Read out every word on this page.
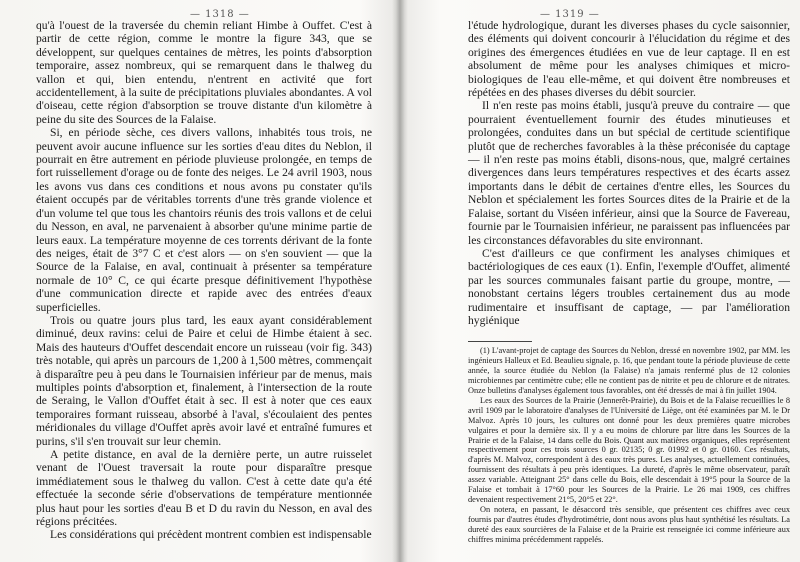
— 1318 —

qu'à l'ouest de la traversée du chemin reliant Himbe à Ouffet. C'est à partir de cette région, comme le montre la figure 343, que se développent, sur quelques centaines de mètres, les points d'absorption temporaire, assez nombreux, qui se remarquent dans le thalweg du vallon et qui, bien entendu, n'entrent en activité que fort accidentellement, à la suite de précipitations pluviales abondantes. A vol d'oiseau, cette région d'absorption se trouve distante d'un kilomètre à peine du site des Sources de la Falaise.

Si, en période sèche, ces divers vallons, inhabités tous trois, ne peuvent avoir aucune influence sur les sorties d'eau dites du Neblon, il pourrait en être autrement en période pluvieuse prolongée, en temps de fort ruissellement d'orage ou de fonte des neiges. Le 24 avril 1903, nous les avons vus dans ces conditions et nous avons pu constater qu'ils étaient occupés par de véritables torrents d'une très grande violence et d'un volume tel que tous les chantoirs réunis des trois vallons et de celui du Nesson, en aval, ne parvenaient à absorber qu'une minime partie de leurs eaux. La température moyenne de ces torrents dérivant de la fonte des neiges, était de 3°7 C et c'est alors — on s'en souvient — que la Source de la Falaise, en aval, continuait à présenter sa température normale de 10° C, ce qui écarte presque définitivement l'hypothèse d'une communication directe et rapide avec des entrées d'eaux superficielles.

Trois ou quatre jours plus tard, les eaux ayant considérablement diminué, deux ravins: celui de Paire et celui de Himbe étaient à sec. Mais des hauteurs d'Ouffet descendait encore un ruisseau (voir fig. 343) très notable, qui après un parcours de 1,200 à 1,500 mètres, commençait à disparaître peu à peu dans le Tournaisien inférieur par de menus, mais multiples points d'absorption et, finalement, à l'intersection de la route de Seraing, le Vallon d'Ouffet était à sec. Il est à noter que ces eaux temporaires formant ruisseau, absorbé à l'aval, s'écoulaient des pentes méridionales du village d'Ouffet après avoir lavé et entraîné fumures et purins, s'il s'en trouvait sur leur chemin.

A petite distance, en aval de la dernière perte, un autre ruisselet venant de l'Ouest traversait la route pour disparaître presque immédiatement sous le thalweg du vallon. C'est à cette date qu'a été effectuée la seconde série d'observations de température mentionnée plus haut pour les sorties d'eau B et D du ravin du Nesson, en aval des régions précitées.

Les considérations qui précèdent montrent combien est indispensable

— 1319 —

l'étude hydrologique, durant les diverses phases du cycle saisonnier, des éléments qui doivent concourir à l'élucidation du régime et des origines des émergences étudiées en vue de leur captage. Il en est absolument de même pour les analyses chimiques et micro-biologiques de l'eau elle-même, et qui doivent être nombreuses et répétées en des phases diverses du débit sourcier.

Il n'en reste pas moins établi, jusqu'à preuve du contraire — que pourraient éventuellement fournir des études minutieuses et prolongées, conduites dans un but spécial de certitude scientifique plutôt que de recherches favorables à la thèse préconisée du captage — il n'en reste pas moins établi, disons-nous, que, malgré certaines divergences dans leurs températures respectives et des écarts assez importants dans le débit de certaines d'entre elles, les Sources du Neblon et spécialement les fortes Sources dites de la Prairie et de la Falaise, sortant du Viséen inférieur, ainsi que la Source de Favereau, fournie par le Tournaisien inférieur, ne paraissent pas influencées par les circonstances défavorables du site environnant.

C'est d'ailleurs ce que confirment les analyses chimiques et bactériologiques de ces eaux (1). Enfin, l'exemple d'Ouffet, alimenté par les sources communales faisant partie du groupe, montre, — nonobstant certains légers troubles certainement dus au mode rudimentaire et insuffisant de captage, — par l'amélioration hygiénique

(1) L'avant-projet de captage des Sources du Neblon, dressé en novembre 1902, par MM. les ingénieurs Halleux et Ed. Beaulieu signale, p. 16, que pendant toute la période pluvieuse de cette année, la source étudiée du Neblon (la Falaise) n'a jamais renfermé plus de 12 colonies microbiennes par centimètre cube; elle ne contient pas de nitrite et peu de chlorure et de nitrates. Onze bulletins d'analyses également tous favorables, ont été dressés de mai à fin juillet 1904.

Les eaux des Sources de la Prairie (Jennerêt-Prairie), du Bois et de la Falaise recueillies le 8 avril 1909 par le laboratoire d'analyses de l'Université de Liège, ont été examinées par M. le Dr Malvoz. Après 10 jours, les cultures ont donné pour les deux premières quatre microbes vulgaires et pour la dernière six. Il y a eu moins de chlorure par litre dans les Sources de la Prairie et de la Falaise, 14 dans celle du Bois. Quant aux matières organiques, elles représentent respectivement pour ces trois sources 0 gr. 02135; 0 gr. 01992 et 0 gr. 0160. Ces résultats, d'après M. Malvoz, correspondent à des eaux très pures. Les analyses, actuellement continuées, fournissent des résultats à peu près identiques. La dureté, d'après le même observateur, paraît assez variable. Atteignant 25° dans celle du Bois, elle descendait à 19°5 pour la Source de la Falaise et tombait à 17°60 pour les Sources de la Prairie. Le 26 mai 1909, ces chiffres devenaient respectivement 21°5, 20°5 et 22°.

On notera, en passant, le désaccord très sensible, que présentent ces chiffres avec ceux fournis par d'autres études d'hydrotimétrie, dont nous avons plus haut synthétisé les résultats. La dureté des eaux sourcières de la Falaise et de la Prairie est renseignée ici comme inférieure aux chiffres minima précédemment rappelés.
